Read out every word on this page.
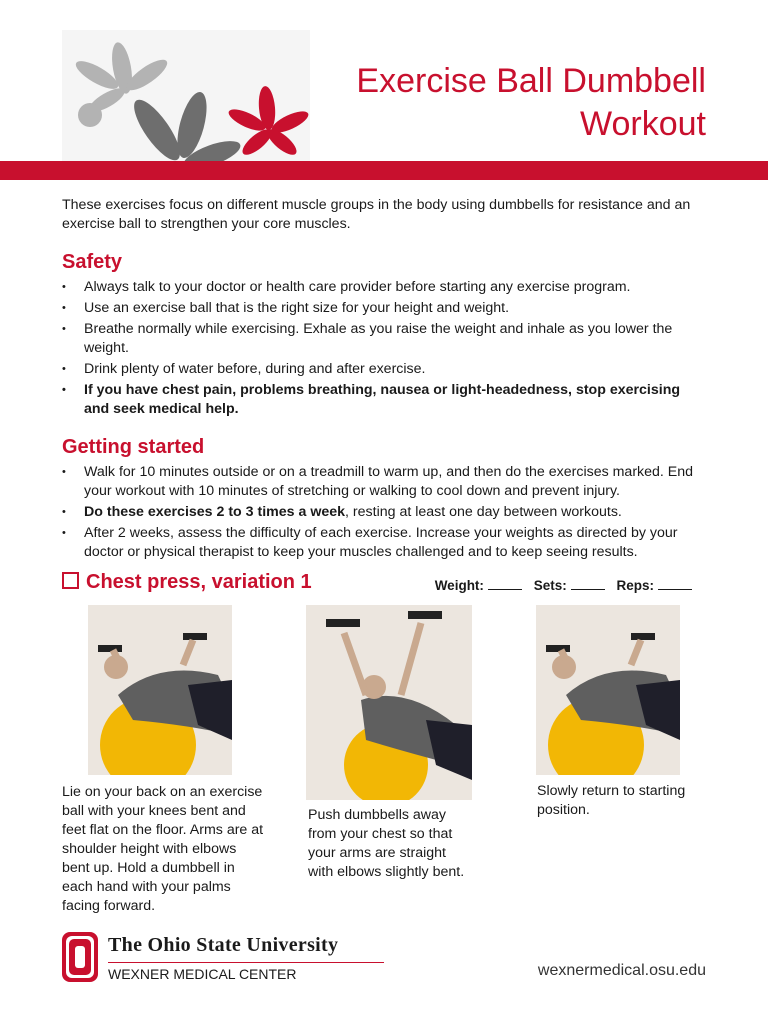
Exercise Ball Dumbbell
Workout

These exercises focus on different muscle groups in the body using dumbbells for resistance and an exercise ball to strengthen your core muscles.

Safety
• Always talk to your doctor or health care provider before starting any exercise program.
• Use an exercise ball that is the right size for your height and weight.
• Breathe normally while exercising. Exhale as you raise the weight and inhale as you lower the weight.
• Drink plenty of water before, during and after exercise.
• If you have chest pain, problems breathing, nausea or light-headedness, stop exercising and seek medical help.
Getting started
• Walk for 10 minutes outside or on a treadmill to warm up, and then do the exercises marked. End your workout with 10 minutes of stretching or walking to cool down and prevent injury.
• Do these exercises 2 to 3 times a week, resting at least one day between workouts.
• After 2 weeks, assess the difficulty of each exercise. Increase your weights as directed by your doctor or physical therapist to keep your muscles challenged and to keep seeing results.
Chest press, variation 1	Weight:	Sets:	Reps:
Lie on your back on an exercise ball with your knees bent and feet flat on the floor. Arms are at shoulder height with elbows bent up. Hold a dumbbell in each hand with your palms facing forward.
Push dumbbells away from your chest so that your arms are straight with elbows slightly bent.
Slowly return to starting position.
The Ohio State University
WEXNER MEDICAL CENTER	wexnermedical.osu.edu
